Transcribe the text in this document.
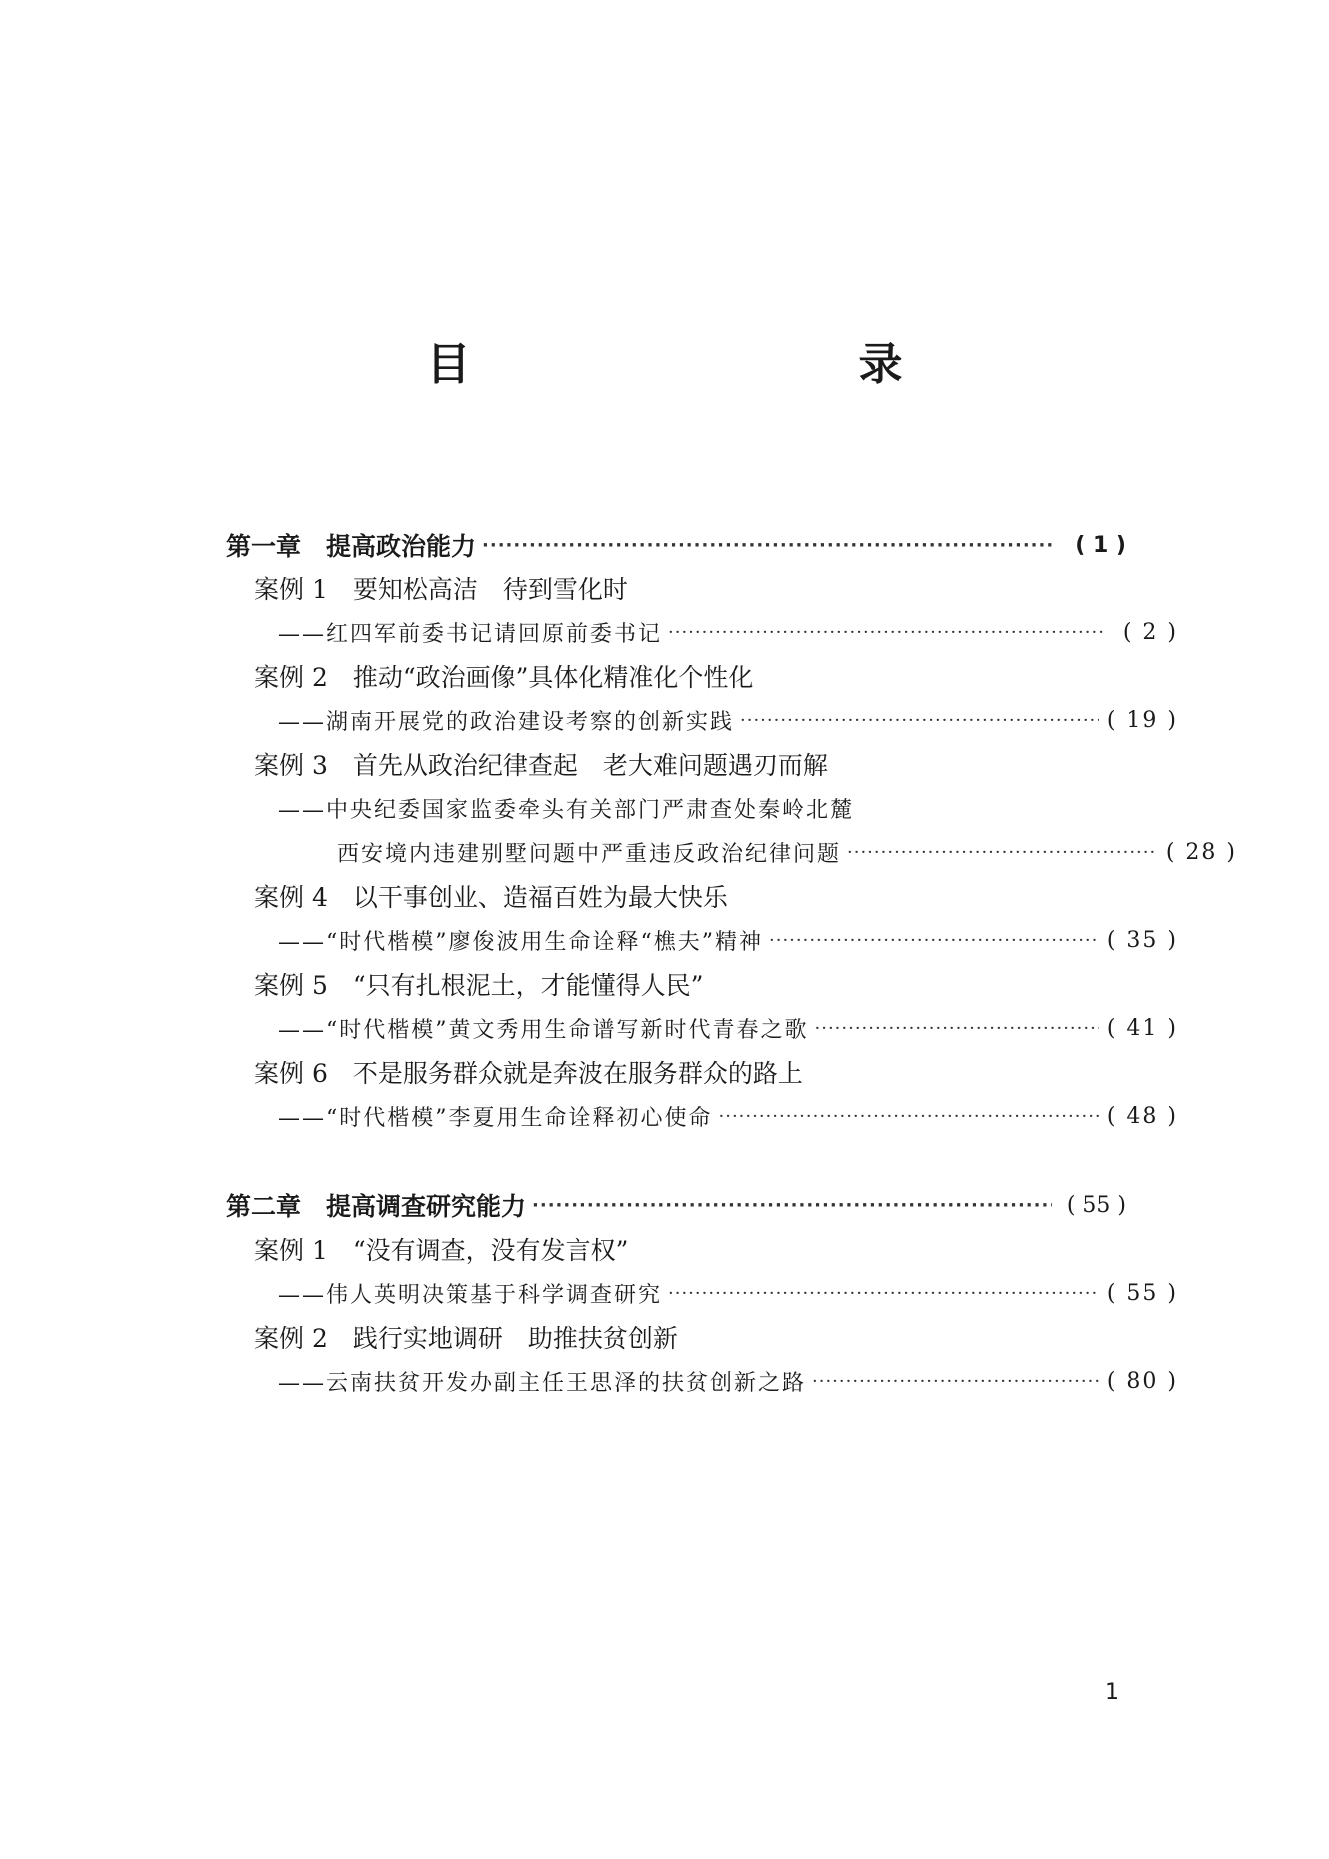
目　　录
第一章　提高政治能力 ·····	( 1 )
案例 1　要知松高洁　待到雪化时
——红四军前委书记请回原前委书记 ·····	( 2 )
案例 2　推动“政治画像”具体化精准化个性化
——湖南开展党的政治建设考察的创新实践 ·····	( 19 )
案例 3　首先从政治纪律查起　老大难问题遇刃而解
——中央纪委国家监委牵头有关部门严肃查处秦岭北麓
西安境内违建别墅问题中严重违反政治纪律问题 ·····	( 28 )
案例 4　以干事创业、造福百姓为最大快乐
——“时代楷模”廖俊波用生命诠释“樵夫”精神 ·····	( 35 )
案例 5　“只有扎根泥土，才能懂得人民”
——“时代楷模”黄文秀用生命谱写新时代青春之歌 ·····	( 41 )
案例 6　不是服务群众就是奔波在服务群众的路上
——“时代楷模”李夏用生命诠释初心使命 ·····	( 48 )
第二章　提高调查研究能力 ·····	( 55 )
案例 1　“没有调查，没有发言权”
——伟人英明决策基于科学调查研究 ·····	( 55 )
案例 2　践行实地调研　助推扶贫创新
——云南扶贫开发办副主任王思泽的扶贫创新之路 ·····	( 80 )
1
